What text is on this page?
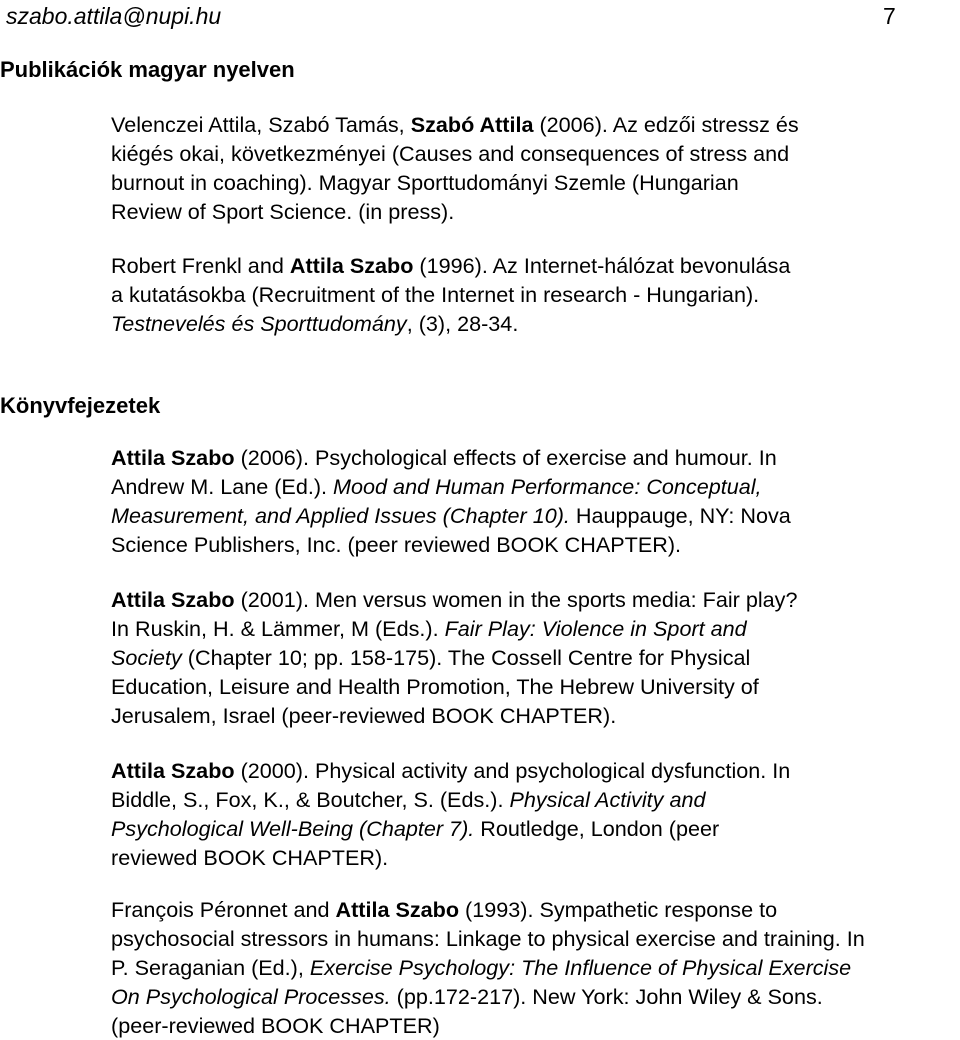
szabo.attila@nupi.hu	7
Publikációk magyar nyelven

Velenczei Attila, Szabó Tamás, Szabó Attila (2006). Az edzői stressz és
kiégés okai, következményei (Causes and consequences of stress and
burnout in coaching). Magyar Sporttudományi Szemle (Hungarian
Review of Sport Science. (in press).

Robert Frenkl and Attila Szabo (1996). Az Internet-hálózat bevonulása
a kutatásokba (Recruitment of the Internet in research - Hungarian).
Testnevelés és Sporttudomány, (3), 28-34.

Könyvfejezetek

Attila Szabo (2006). Psychological effects of exercise and humour. In
Andrew M. Lane (Ed.). Mood and Human Performance: Conceptual,
Measurement, and Applied Issues (Chapter 10). Hauppauge, NY: Nova
Science Publishers, Inc. (peer reviewed BOOK CHAPTER).

Attila Szabo (2001). Men versus women in the sports media: Fair play?
In Ruskin, H. & Lämmer, M (Eds.). Fair Play: Violence in Sport and
Society (Chapter 10; pp. 158-175). The Cossell Centre for Physical
Education, Leisure and Health Promotion, The Hebrew University of
Jerusalem, Israel (peer-reviewed BOOK CHAPTER).

Attila Szabo (2000). Physical activity and psychological dysfunction. In
Biddle, S., Fox, K., & Boutcher, S. (Eds.). Physical Activity and
Psychological Well-Being (Chapter 7). Routledge, London (peer
reviewed BOOK CHAPTER).

François Péronnet and Attila Szabo (1993). Sympathetic response to
psychosocial stressors in humans: Linkage to physical exercise and training. In
P. Seraganian (Ed.), Exercise Psychology: The Influence of Physical Exercise
On Psychological Processes. (pp.172-217). New York: John Wiley & Sons.
(peer-reviewed BOOK CHAPTER)
